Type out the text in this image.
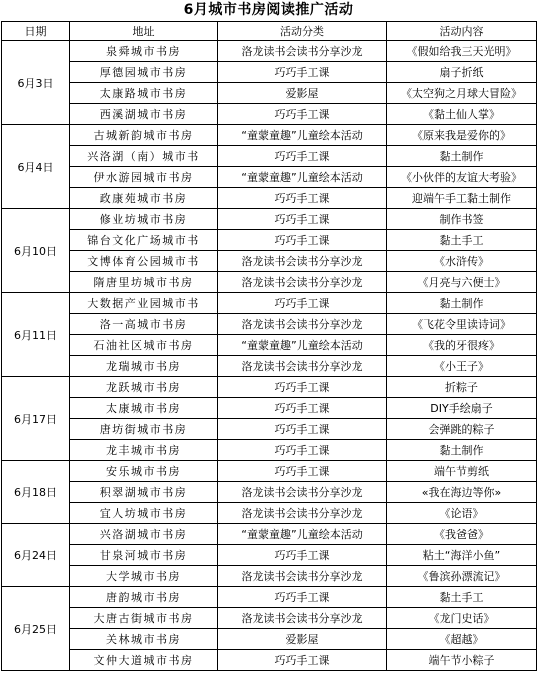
6月城市书房阅读推广活动
日期	地址	活动分类	活动内容
6月3日	泉舜城市书房	洛龙读书会读书分享沙龙	《假如给我三天光明》
	厚德园城市书房	巧巧手工课	扇子折纸
	太康路城市书房	爱影屋	《太空狗之月球大冒险》
	西溪湖城市书房	巧巧手工课	《黏土仙人掌》
6月4日	古城新韵城市书房	“童蒙童趣”儿童绘本活动	《原来我是爱你的》
	兴洛湖（南）城市书	巧巧手工课	黏土制作
	伊水游园城市书房	“童蒙童趣”儿童绘本活动	《小伙伴的友谊大考验》
	政康苑城市书房	巧巧手工课	迎端午手工黏土制作
6月10日	修业坊城市书房	巧巧手工课	制作书签
	锦台文化广场城市书	巧巧手工课	黏土手工
	文博体育公园城市书	洛龙读书会读书分享沙龙	《水浒传》
	隋唐里坊城市书房	洛龙读书会读书分享沙龙	《月亮与六便士》
6月11日	大数据产业园城市书	巧巧手工课	黏土制作
	洛一高城市书房	洛龙读书会读书分享沙龙	《飞花令里读诗词》
	石油社区城市书房	“童蒙童趣”儿童绘本活动	《我的牙很疼》
	龙瑞城市书房	洛龙读书会读书分享沙龙	《小王子》
6月17日	龙跃城市书房	巧巧手工课	折粽子
	太康城市书房	巧巧手工课	DIY手绘扇子
	唐坊街城市书房	巧巧手工课	会弹跳的粽子
	龙丰城市书房	巧巧手工课	黏土制作
6月18日	安乐城市书房	巧巧手工课	端午节剪纸
	积翠湖城市书房	洛龙读书会读书分享沙龙	«我在海边等你»
	宜人坊城市书房	洛龙读书会读书分享沙龙	《论语》
6月24日	兴洛湖城市书房	“童蒙童趣”儿童绘本活动	《我爸爸》
	甘泉河城市书房	巧巧手工课	粘土“海洋小鱼”
	大学城市书房	洛龙读书会读书分享沙龙	《鲁滨孙漂流记》
6月25日	唐韵城市书房	巧巧手工课	黏土手工
	大唐古街城市书房	洛龙读书会读书分享沙龙	《龙门史话》
	关林城市书房	爱影屋	《超越》
	文仲大道城市书房	巧巧手工课	端午节小粽子
